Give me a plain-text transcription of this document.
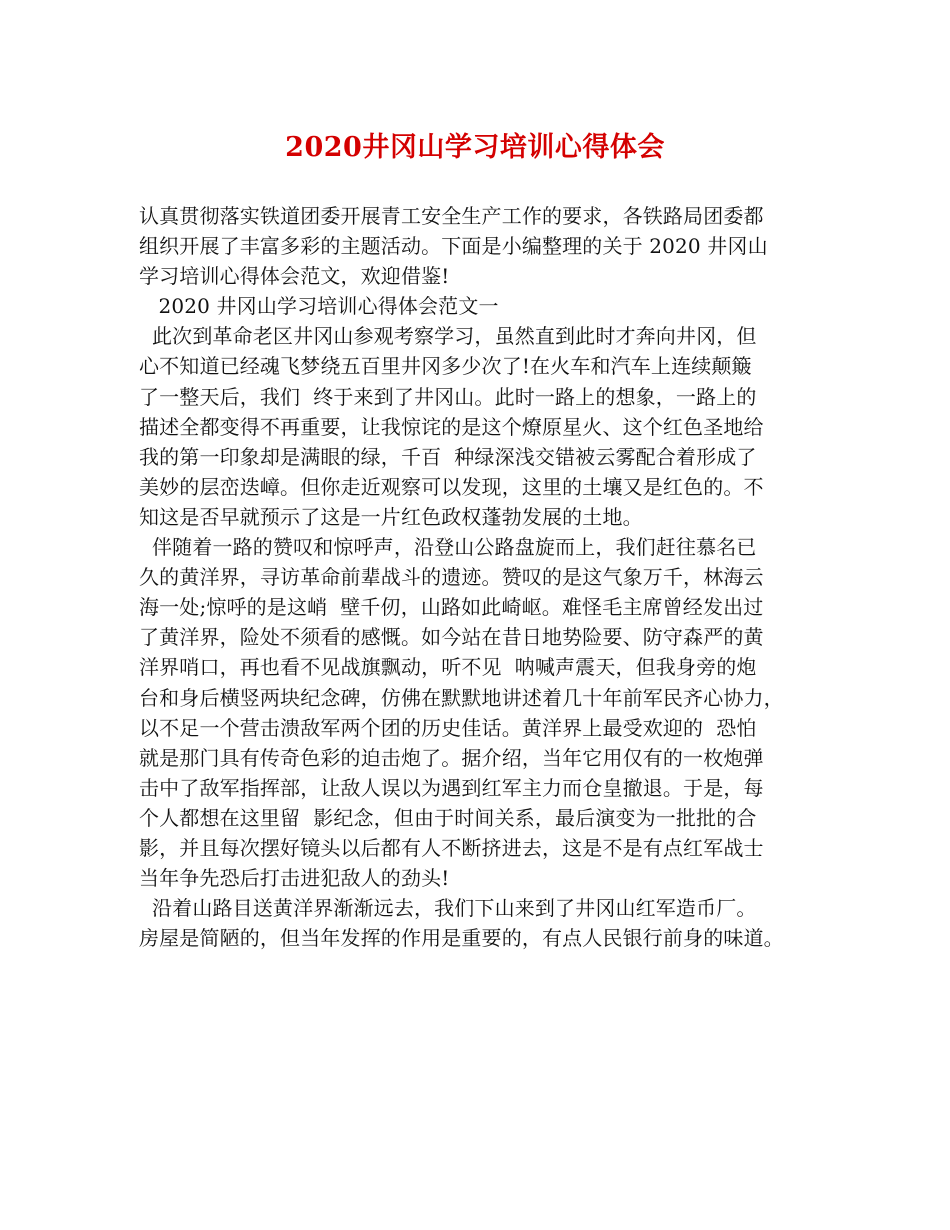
2020井冈山学习培训心得体会
认真贯彻落实铁道团委开展青工安全生产工作的要求，各铁路局团委都
组织开展了丰富多彩的主题活动。下面是小编整理的关于 2020 井冈山
学习培训心得体会范文，欢迎借鉴!
2020 井冈山学习培训心得体会范文一
此次到革命老区井冈山参观考察学习，虽然直到此时才奔向井冈，但
心不知道已经魂飞梦绕五百里井冈多少次了!在火车和汽车上连续颠簸
了一整天后，我们  终于来到了井冈山。此时一路上的想象，一路上的
描述全都变得不再重要，让我惊诧的是这个燎原星火、这个红色圣地给
我的第一印象却是满眼的绿，千百  种绿深浅交错被云雾配合着形成了
美妙的层峦迭嶂。但你走近观察可以发现，这里的土壤又是红色的。不
知这是否早就预示了这是一片红色政权蓬勃发展的土地。
伴随着一路的赞叹和惊呼声，沿登山公路盘旋而上，我们赶往慕名已
久的黄洋界，寻访革命前辈战斗的遗迹。赞叹的是这气象万千，林海云
海一处;惊呼的是这峭  壁千仞，山路如此崎岖。难怪毛主席曾经发出过
了黄洋界，险处不须看的感慨。如今站在昔日地势险要、防守森严的黄
洋界哨口，再也看不见战旗飘动，听不见  呐喊声震天，但我身旁的炮
台和身后横竖两块纪念碑，仿佛在默默地讲述着几十年前军民齐心协力，
以不足一个营击溃敌军两个团的历史佳话。黄洋界上最受欢迎的  恐怕
就是那门具有传奇色彩的迫击炮了。据介绍，当年它用仅有的一枚炮弹
击中了敌军指挥部，让敌人误以为遇到红军主力而仓皇撤退。于是，每
个人都想在这里留  影纪念，但由于时间关系，最后演变为一批批的合
影，并且每次摆好镜头以后都有人不断挤进去，这是不是有点红军战士
当年争先恐后打击进犯敌人的劲头!
沿着山路目送黄洋界渐渐远去，我们下山来到了井冈山红军造币厂。
房屋是简陋的，但当年发挥的作用是重要的，有点人民银行前身的味道。
